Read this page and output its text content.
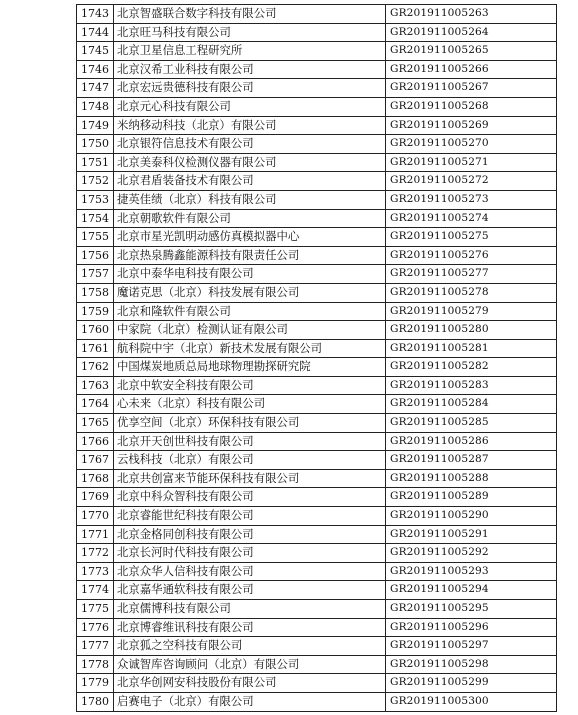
1743	北京智盛联合数字科技有限公司	GR201911005263
1744	北京旺马科技有限公司	GR201911005264
1745	北京卫星信息工程研究所	GR201911005265
1746	北京汉希工业科技有限公司	GR201911005266
1747	北京宏远贵德科技有限公司	GR201911005267
1748	北京元心科技有限公司	GR201911005268
1749	米纳移动科技（北京）有限公司	GR201911005269
1750	北京银符信息技术有限公司	GR201911005270
1751	北京美泰科仪检测仪器有限公司	GR201911005271
1752	北京君盾装备技术有限公司	GR201911005272
1753	捷英佳绩（北京）科技有限公司	GR201911005273
1754	北京朝歌软件有限公司	GR201911005274
1755	北京市星光凯明动感仿真模拟器中心	GR201911005275
1756	北京热泉腾鑫能源科技有限责任公司	GR201911005276
1757	北京中泰华电科技有限公司	GR201911005277
1758	魔诺克思（北京）科技发展有限公司	GR201911005278
1759	北京和隆软件有限公司	GR201911005279
1760	中家院（北京）检测认证有限公司	GR201911005280
1761	航科院中宇（北京）新技术发展有限公司	GR201911005281
1762	中国煤炭地质总局地球物理勘探研究院	GR201911005282
1763	北京中软安全科技有限公司	GR201911005283
1764	心未来（北京）科技有限公司	GR201911005284
1765	优享空间（北京）环保科技有限公司	GR201911005285
1766	北京开天创世科技有限公司	GR201911005286
1767	云栈科技（北京）有限公司	GR201911005287
1768	北京共创富来节能环保科技有限公司	GR201911005288
1769	北京中科众智科技有限公司	GR201911005289
1770	北京睿能世纪科技有限公司	GR201911005290
1771	北京金格同创科技有限公司	GR201911005291
1772	北京长河时代科技有限公司	GR201911005292
1773	北京众华人信科技有限公司	GR201911005293
1774	北京嘉华通软科技有限公司	GR201911005294
1775	北京儒博科技有限公司	GR201911005295
1776	北京博睿维讯科技有限公司	GR201911005296
1777	北京狐之空科技有限公司	GR201911005297
1778	众诚智库咨询顾问（北京）有限公司	GR201911005298
1779	北京华创网安科技股份有限公司	GR201911005299
1780	启赛电子（北京）有限公司	GR201911005300
